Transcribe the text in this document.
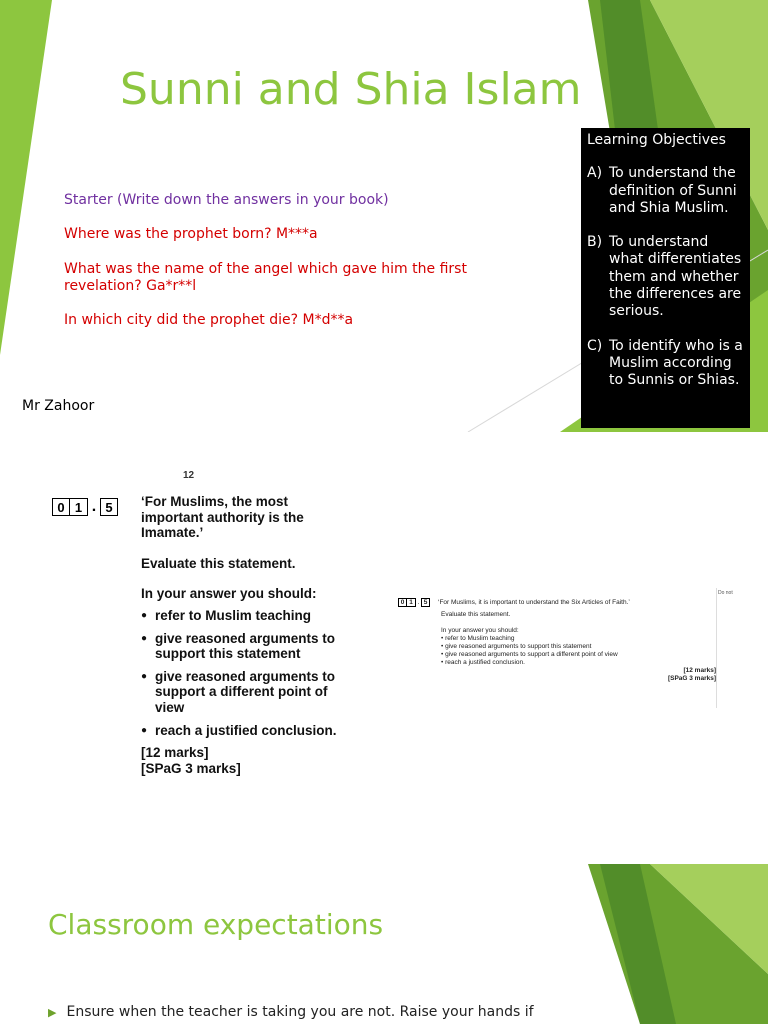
Sunni and Shia Islam
Starter (Write down the answers in your book)
Where was the prophet born? M***a
What was the name of the angel which gave him the first revelation? Ga*r**l
In which city did the prophet die? M*d**a
Mr Zahoor
Learning Objectives
A) To understand the definition of Sunni and Shia Muslim.
B) To understand what differentiates them and whether the differences are serious.
C) To identify who is a Muslim according to Sunnis or Shias.
12
0 1 . 5	‘For Muslims, the most important authority is the Imamate.’

Evaluate this statement.

In your answer you should:

● refer to Muslim teaching
● give reasoned arguments to support this statement
● give reasoned arguments to support a different point of view
● reach a justified conclusion.
[12 marks]
[SPaG 3 marks]
Do not
0 1 . 5	‘For Muslims, it is important to understand the Six Articles of Faith.’
Evaluate this statement.
In your answer you should:
• refer to Muslim teaching
• give reasoned arguments to support this statement
• give reasoned arguments to support a different point of view
• reach a justified conclusion.
[12 marks]
[SPaG 3 marks]
Classroom expectations
▶ Ensure when the teacher is taking you are not. Raise your hands if
